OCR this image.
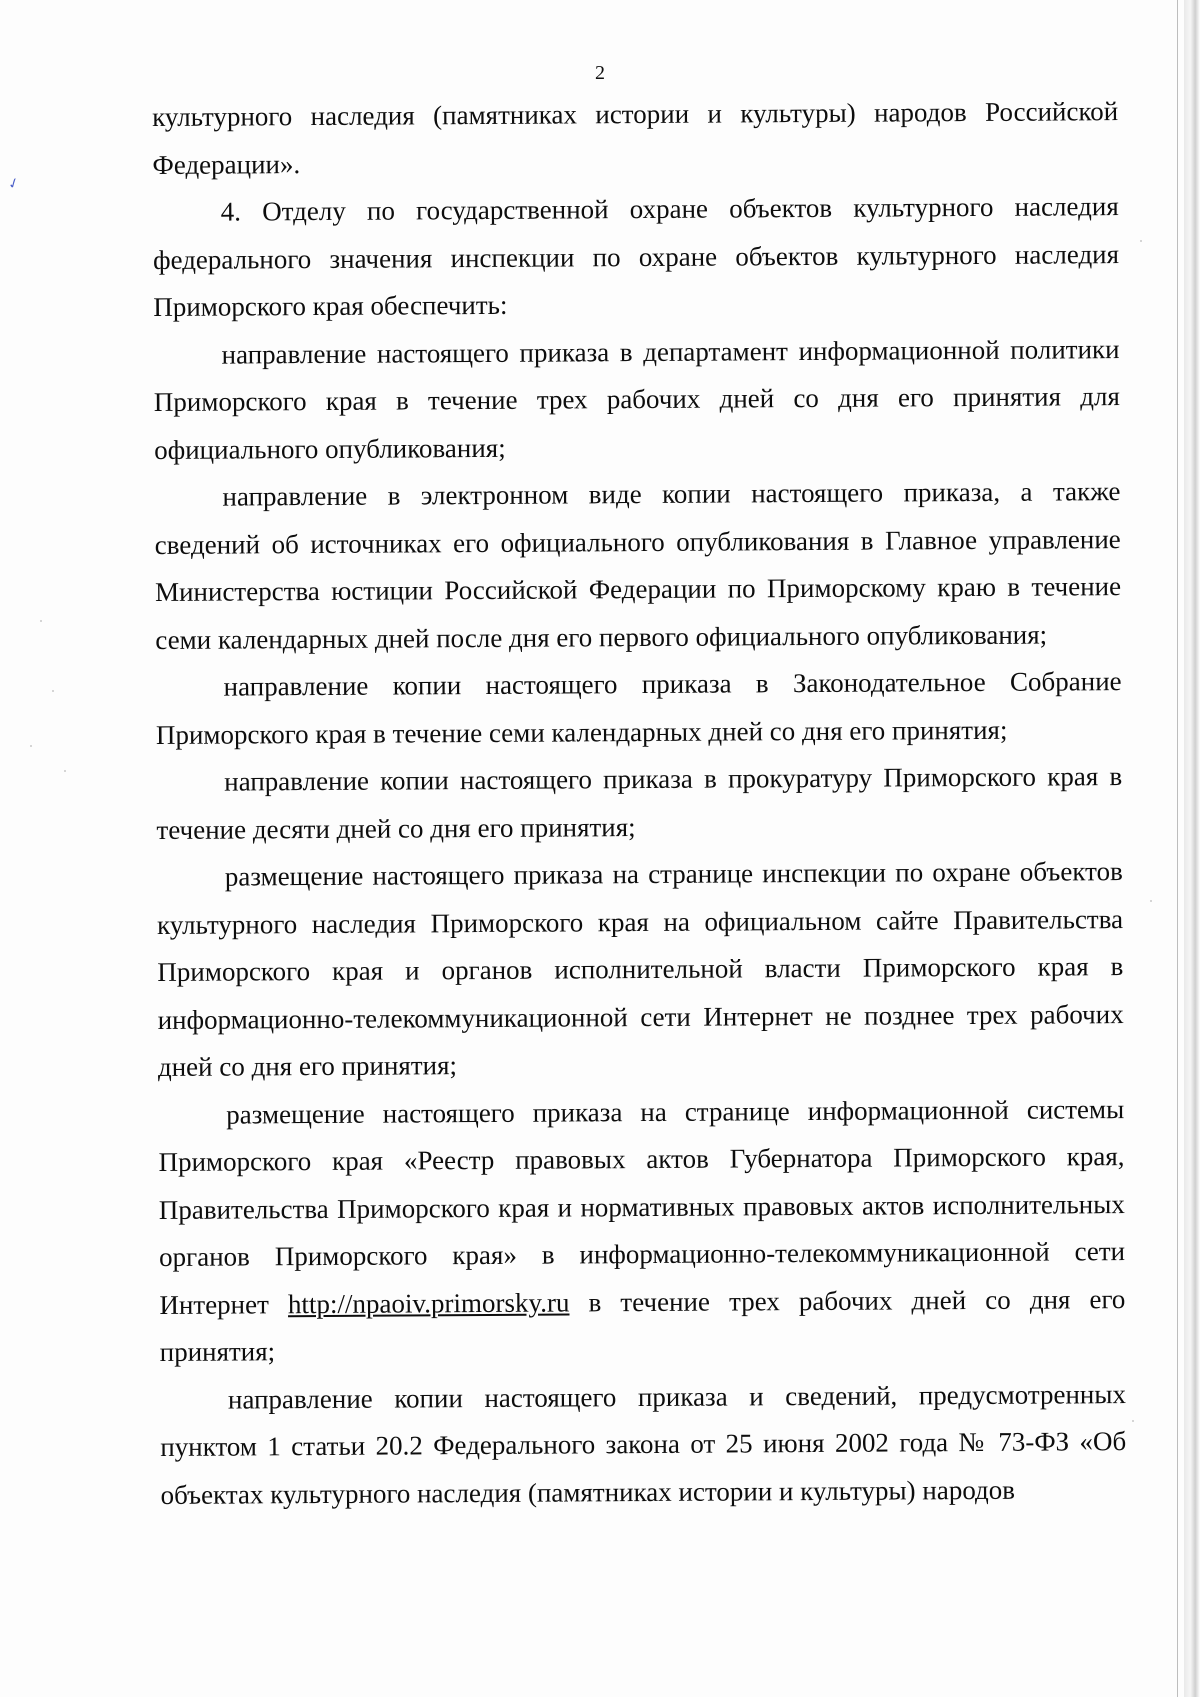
✓
2

культурного наследия (памятниках истории и культуры) народов Российской Федерации».

4. Отделу по государственной охране объектов культурного наследия федерального значения инспекции по охране объектов культурного наследия Приморского края обеспечить:

направление настоящего приказа в департамент информационной политики Приморского края в течение трех рабочих дней со дня его принятия для официального опубликования;

направление в электронном виде копии настоящего приказа, а также сведений об источниках его официального опубликования в Главное управление Министерства юстиции Российской Федерации по Приморскому краю в течение семи календарных дней после дня его первого официального опубликования;

направление копии настоящего приказа в Законодательное Собрание Приморского края в течение семи календарных дней со дня его принятия;

направление копии настоящего приказа в прокуратуру Приморского края в течение десяти дней со дня его принятия;

размещение настоящего приказа на странице инспекции по охране объектов культурного наследия Приморского края на официальном сайте Правительства Приморского края и органов исполнительной власти Приморского края в информационно-телекоммуникационной сети Интернет не позднее трех рабочих дней со дня его принятия;

размещение настоящего приказа на странице информационной системы Приморского края «Реестр правовых актов Губернатора Приморского края, Правительства Приморского края и нормативных правовых актов исполнительных органов Приморского края» в информационно-телекоммуникационной сети Интернет http://npaoiv.primorsky.ru в течение трех рабочих дней со дня его принятия;

направление копии настоящего приказа и сведений, предусмотренных пунктом 1 статьи 20.2 Федерального закона от 25 июня 2002 года № 73-ФЗ «Об объектах культурного наследия (памятниках истории и культуры) народов
